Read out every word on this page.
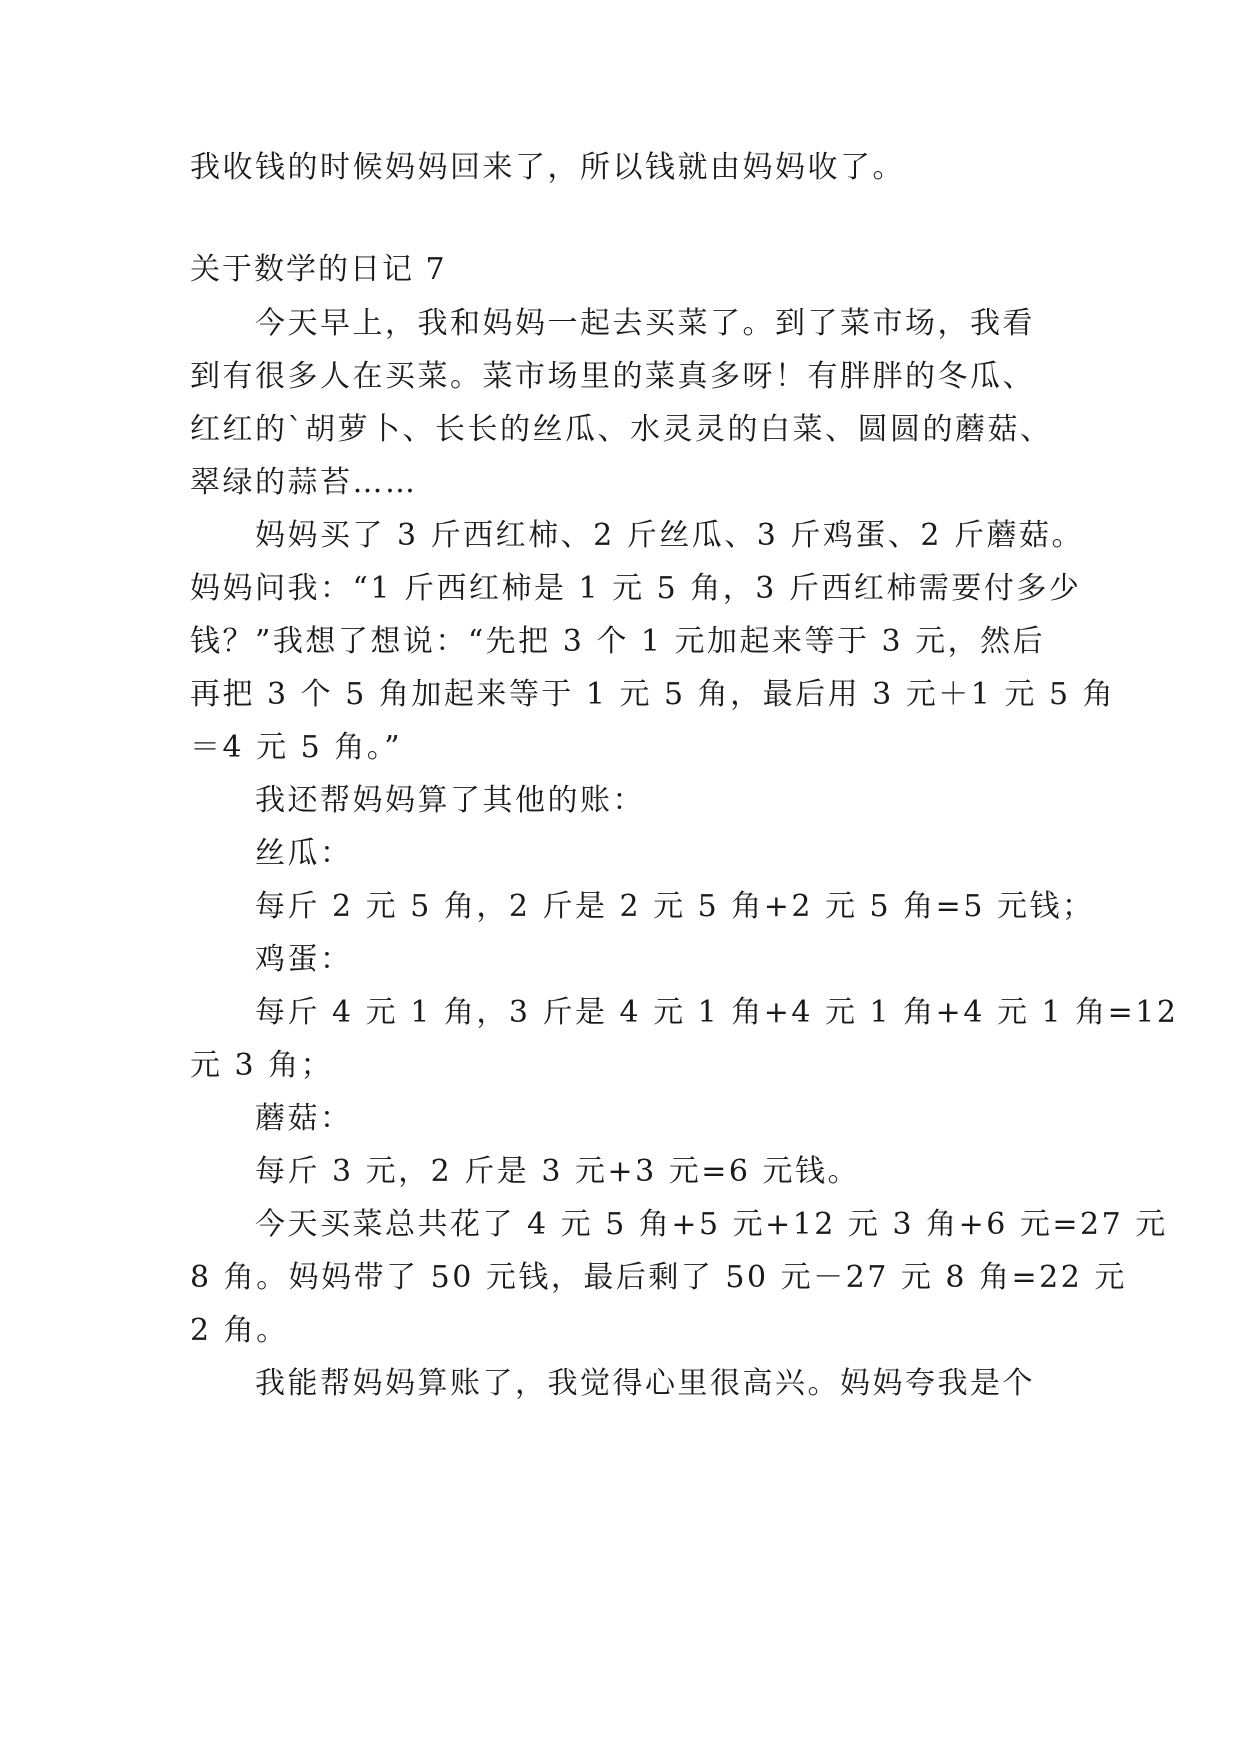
我收钱的时候妈妈回来了，所以钱就由妈妈收了。

关于数学的日记 7

今天早上，我和妈妈一起去买菜了。到了菜市场，我看

到有很多人在买菜。菜市场里的菜真多呀！有胖胖的冬瓜、

红红的`胡萝卜、长长的丝瓜、水灵灵的白菜、圆圆的蘑菇、

翠绿的蒜苔……

妈妈买了 3 斤西红柿、2 斤丝瓜、3 斤鸡蛋、2 斤蘑菇。

妈妈问我：“1 斤西红柿是 1 元 5 角，3 斤西红柿需要付多少

钱？”我想了想说：“先把 3 个 1 元加起来等于 3 元，然后

再把 3 个 5 角加起来等于 1 元 5 角，最后用 3 元＋1 元 5 角

＝4 元 5 角。”

我还帮妈妈算了其他的账：

丝瓜：

每斤 2 元 5 角，2 斤是 2 元 5 角+2 元 5 角=5 元钱；

鸡蛋：

每斤 4 元 1 角，3 斤是 4 元 1 角+4 元 1 角+4 元 1 角=12

元 3 角；

蘑菇：

每斤 3 元，2 斤是 3 元+3 元=6 元钱。

今天买菜总共花了 4 元 5 角+5 元+12 元 3 角+6 元=27 元

8 角。妈妈带了 50 元钱，最后剩了 50 元－27 元 8 角=22 元

2 角。

我能帮妈妈算账了，我觉得心里很高兴。妈妈夸我是个
